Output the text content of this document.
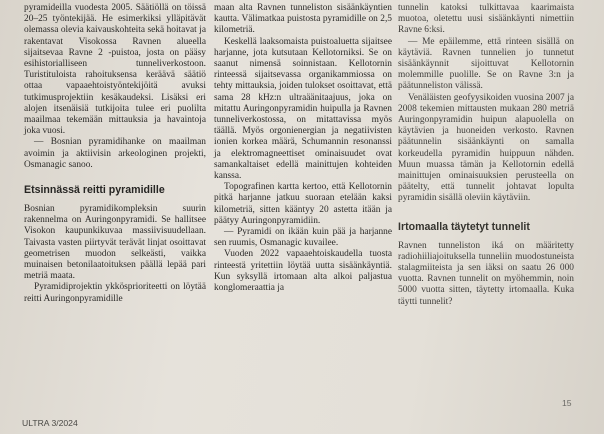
pyramideilla vuodesta 2005. Säätiöllä on töissä 20–25 työntekijää. He esimerkiksi ylläpitävät olemassa olevia kaivauskohteita sekä hoitavat ja rakentavat Visokossa Ravnen alueella sijaitsevaa Ravne 2 -puistoa, josta on pääsy esihistorialliseen tunneliverkostoon. Turistituloista rahoituksensa keräävä säätiö ottaa vapaaehtoistyöntekijöitä avuksi tutkimusprojektiin kesäkaudeksi. Lisäksi eri alojen itsenäisiä tutkijoita tulee eri puolilta maailmaa tekemään mittauksia ja havaintoja joka vuosi.

— Bosnian pyramidihanke on maailman avoimin ja aktiivisin arkeologinen projekti, Osmanagic sanoo.

Etsinnässä reitti pyramidille

Bosnian pyramidikompleksin suurin rakennelma on Auringonpyramidi. Se hallitsee Visokon kaupunkikuvaa massiivisuudellaan. Taivasta vasten piirtyvät terävät linjat osoittavat geometrisen muodon selkeästi, vaikka muinaisen betonilaatoituksen päällä lepää pari metriä maata.

Pyramidiprojektin ykkösprioriteetti on löytää reitti Auringonpyramidille

maan alta Ravnen tunneliston sisäänkäyntien kautta. Välimatkaa puistosta pyramidille on 2,5 kilometriä.

Keskellä laaksomaista puistoaluetta sijaitsee harjanne, jota kutsutaan Kellotorniksi. Se on saanut nimensä soinnistaan. Kellotornin rinteessä sijaitsevassa organikammiossa on tehty mittauksia, joiden tulokset osoittavat, että sama 28 kHz:n ultraäänitaajuus, joka on mitattu Auringonpyramidin huipulla ja Ravnen tunneliverkostossa, on mitattavissa myös täällä. Myös orgonienergian ja negatiivisten ionien korkea määrä, Schumannin resonanssi ja elektromagneettiset ominaisuudet ovat samankaltaiset edellä mainittujen kohteiden kanssa.

Topografinen kartta kertoo, että Kellotornin pitkä harjanne jatkuu suoraan etelään kaksi kilometriä, sitten kääntyy 20 astetta itään ja päätyy Auringonpyramidiin.

— Pyramidi on ikään kuin pää ja harjanne sen ruumis, Osmanagic kuvailee.

Vuoden 2022 vapaaehtoiskaudella tuosta rinteestä yritettiin löytää uutta sisäänkäyntiä. Kun syksyllä irtomaan alta alkoi paljastua konglomeraattia ja

tunnelin katoksi tulkittavaa kaarimaista muotoa, oletettu uusi sisäänkäynti nimettiin Ravne 6:ksi.

— Me epäilemme, että rinteen sisällä on käytäviä. Ravnen tunnelien jo tunnetut sisäänkäynnit sijoittuvat Kellotornin molemmille puolille. Se on Ravne 3:n ja päätunneliston välissä.

Venäläisten geofyysikoiden vuosina 2007 ja 2008 tekemien mittausten mukaan 280 metriä Auringonpyramidin huipun alapuolella on käytävien ja huoneiden verkosto. Ravnen päätunnelin sisäänkäynti on samalla korkeudella pyramidin huippuun nähden. Muun muassa tämän ja Kellotornin edellä mainittujen ominaisuuksien perusteella on päätelty, että tunnelit johtavat lopulta pyramidin sisällä oleviin käytäviin.

Irtomaalla täytetyt tunnelit

Ravnen tunneliston iká on määritetty radiohiiliajoituksella tunneliin muodostuneista stalagmiiteista ja sen iäksi on saatu 26 000 vuotta. Ravnen tunnelit on myöhemmin, noin 5000 vuotta sitten, täytetty irtomaalla. Kuka täytti tunnelit?

ULTRA 3/2024
15
